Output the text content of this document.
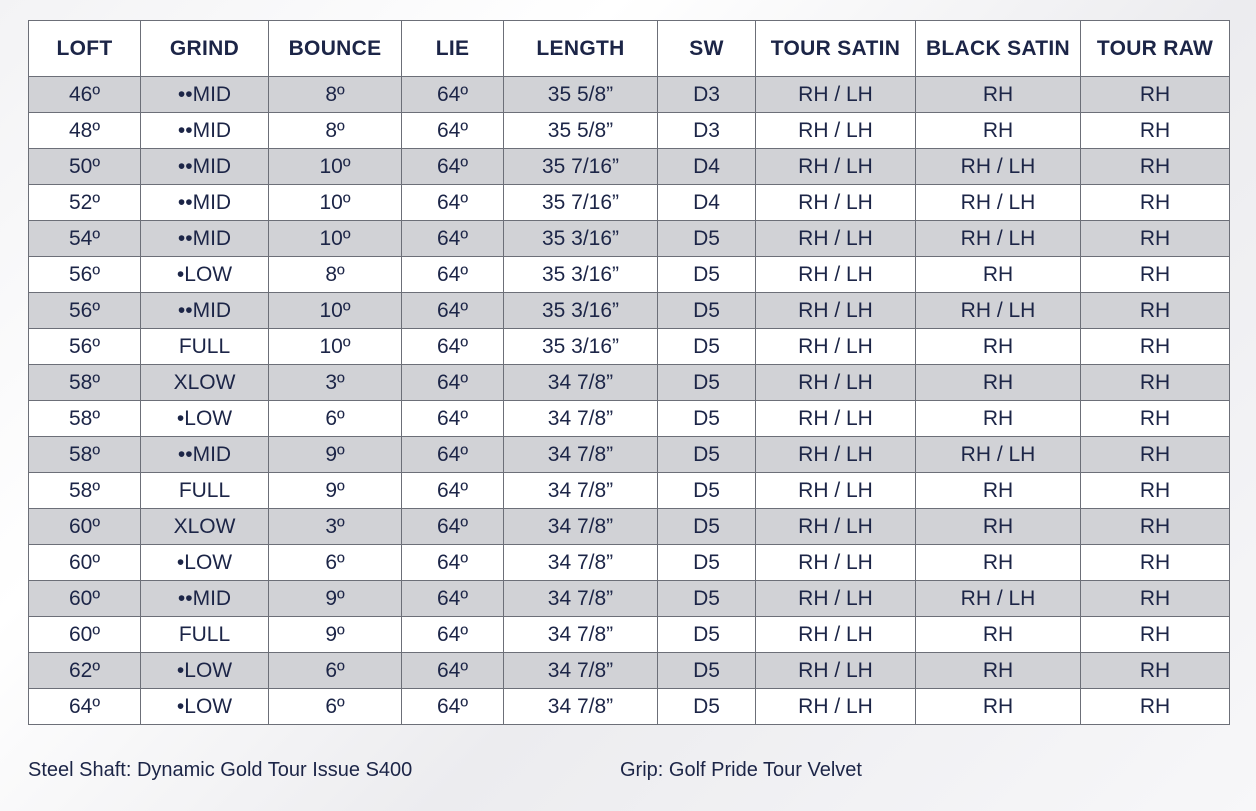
LOFT	GRIND	BOUNCE	LIE	LENGTH	SW	TOUR SATIN	BLACK SATIN	TOUR RAW
46º	••MID	8º	64º	35 5/8”	D3	RH / LH	RH	RH
48º	••MID	8º	64º	35 5/8”	D3	RH / LH	RH	RH
50º	••MID	10º	64º	35 7/16”	D4	RH / LH	RH / LH	RH
52º	••MID	10º	64º	35 7/16”	D4	RH / LH	RH / LH	RH
54º	••MID	10º	64º	35 3/16”	D5	RH / LH	RH / LH	RH
56º	•LOW	8º	64º	35 3/16”	D5	RH / LH	RH	RH
56º	••MID	10º	64º	35 3/16”	D5	RH / LH	RH / LH	RH
56º	FULL	10º	64º	35 3/16”	D5	RH / LH	RH	RH
58º	XLOW	3º	64º	34 7/8”	D5	RH / LH	RH	RH
58º	•LOW	6º	64º	34 7/8”	D5	RH / LH	RH	RH
58º	••MID	9º	64º	34 7/8”	D5	RH / LH	RH / LH	RH
58º	FULL	9º	64º	34 7/8”	D5	RH / LH	RH	RH
60º	XLOW	3º	64º	34 7/8”	D5	RH / LH	RH	RH
60º	•LOW	6º	64º	34 7/8”	D5	RH / LH	RH	RH
60º	••MID	9º	64º	34 7/8”	D5	RH / LH	RH / LH	RH
60º	FULL	9º	64º	34 7/8”	D5	RH / LH	RH	RH
62º	•LOW	6º	64º	34 7/8”	D5	RH / LH	RH	RH
64º	•LOW	6º	64º	34 7/8”	D5	RH / LH	RH	RH
Steel Shaft: Dynamic Gold Tour Issue S400	Grip: Golf Pride Tour Velvet
